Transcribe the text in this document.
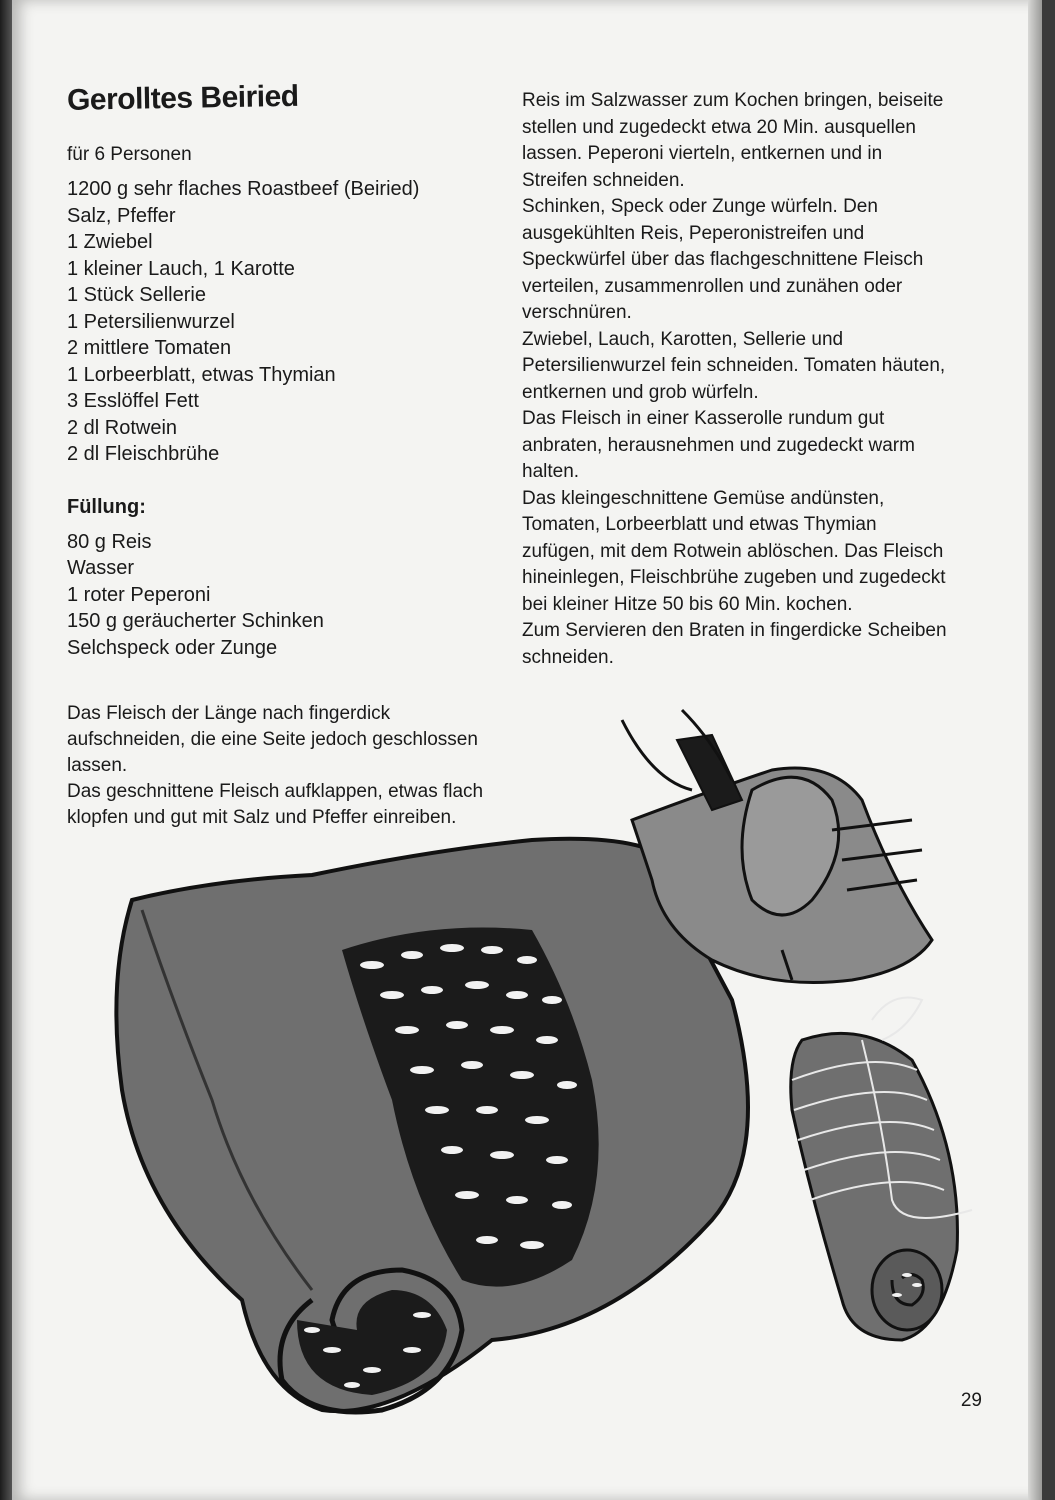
Gerolltes Beiried

für 6 Personen

1200 g sehr flaches Roastbeef (Beiried)

Salz, Pfeffer

1 Zwiebel

1 kleiner Lauch, 1 Karotte

1 Stück Sellerie

1 Petersilienwurzel

2 mittlere Tomaten

1 Lorbeerblatt, etwas Thymian

3 Esslöffel Fett

2 dl Rotwein

2 dl Fleischbrühe

Füllung:

80 g Reis

Wasser

1 roter Peperoni

150 g geräucherter Schinken

Selchspeck oder Zunge

Das Fleisch der Länge nach fingerdick aufschneiden, die eine Seite jedoch geschlossen lassen.

Das geschnittene Fleisch aufklappen, etwas flach klopfen und gut mit Salz und Pfeffer einreiben.

Reis im Salzwasser zum Kochen bringen, beiseite stellen und zugedeckt etwa 20 Min. ausquellen lassen. Peperoni vierteln, entkernen und in Streifen schneiden.

Schinken, Speck oder Zunge würfeln. Den ausgekühlten Reis, Peperonistreifen und Speckwürfel über das flachgeschnittene Fleisch verteilen, zusammenrollen und zunähen oder verschnüren.

Zwiebel, Lauch, Karotten, Sellerie und Petersilienwurzel fein schneiden. Tomaten häuten, entkernen und grob würfeln.

Das Fleisch in einer Kasserolle rundum gut anbraten, herausnehmen und zugedeckt warm halten.

Das kleingeschnittene Gemüse andünsten, Tomaten, Lorbeerblatt und etwas Thymian zufügen, mit dem Rotwein ablöschen. Das Fleisch hineinlegen, Fleischbrühe zugeben und zugedeckt bei kleiner Hitze 50 bis 60 Min. kochen.

Zum Servieren den Braten in fingerdicke Scheiben schneiden.

29
